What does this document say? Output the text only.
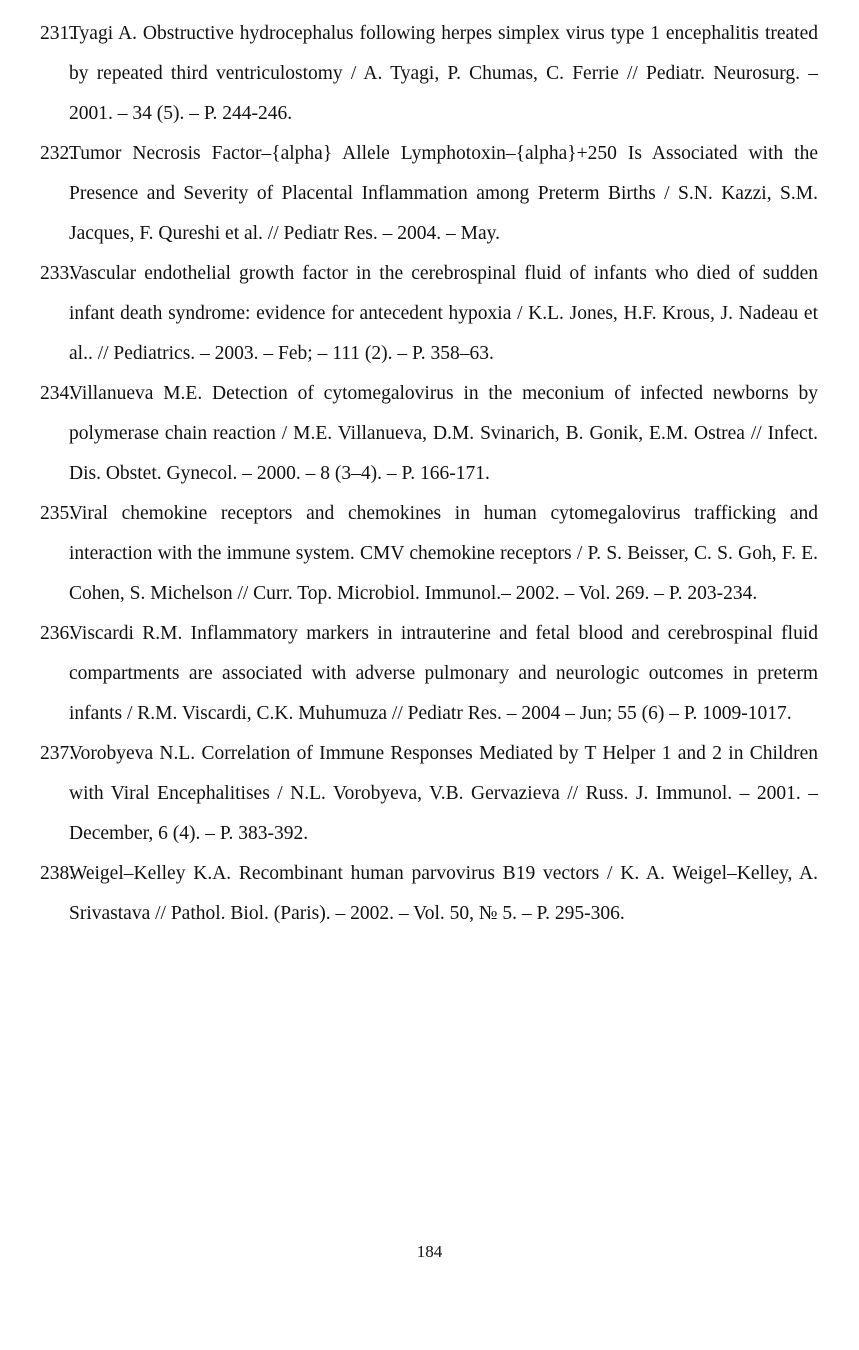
231.
Tyagi A. Obstructive hydrocephalus following herpes simplex virus type 1 encephalitis treated by repeated third ventriculostomy / A. Tyagi, P. Chumas, C. Ferrie // Pediatr. Neurosurg. – 2001. – 34 (5). – P. 244-246.
232.
Tumor Necrosis Factor–{alpha} Allele Lymphotoxin–{alpha}+250 Is Associated with the Presence and Severity of Placental Inflammation among Preterm Births / S.N. Kazzi, S.M. Jacques, F. Qureshi et al. // Pediatr Res. – 2004. – May.
233.
Vascular endothelial growth factor in the cerebrospinal fluid of infants who died of sudden infant death syndrome: evidence for antecedent hypoxia / K.L. Jones, H.F. Krous, J. Nadeau et al.. // Pediatrics. – 2003. – Feb; – 111 (2). – P. 358–63.
234.
Villanueva M.E. Detection of cytomegalovirus in the meconium of infected newborns by polymerase chain reaction / M.E. Villanueva, D.M. Svinarich, B. Gonik, E.M. Ostrea // Infect. Dis. Obstet. Gynecol. – 2000. – 8 (3–4). – P. 166-171.
235.
Viral chemokine receptors and chemokines in human cytomegalovirus trafficking and interaction with the immune system. CMV chemokine receptors / P. S. Beisser, C. S. Goh, F. E. Cohen, S. Michelson // Curr. Top. Microbiol. Immunol.– 2002. – Vol. 269. – P. 203-234.
236.
Viscardi R.M. Inflammatory markers in intrauterine and fetal blood and cerebrospinal fluid compartments are associated with adverse pulmonary and neurologic outcomes in preterm infants / R.M. Viscardi, C.K. Muhumuza // Pediatr Res. – 2004 – Jun; 55 (6) – P. 1009-1017.
237.
Vorobyeva N.L. Correlation of Immune Responses Mediated by T Helper 1 and 2 in Children with Viral Encephalitises / N.L. Vorobyeva, V.B. Gervazieva // Russ. J. Immunol. – 2001. – December, 6 (4). – P. 383-392.
238.
Weigel–Kelley K.A. Recombinant human parvovirus B19 vectors / K. A. Weigel–Kelley, A. Srivastava // Pathol. Biol. (Paris). – 2002. – Vol. 50, № 5. – P. 295-306.
184
